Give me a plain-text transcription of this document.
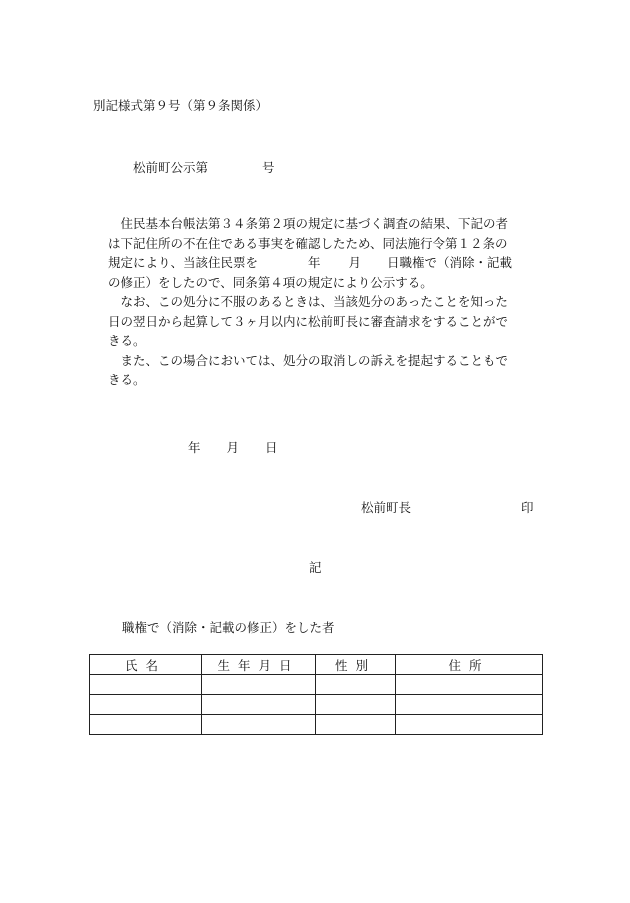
別記様式第９号（第９条関係）
松前町公示第	号
　住民基本台帳法第３４条第２項の規定に基づく調査の結果、下記の者
は下記住所の不在住である事実を確認したため、同法施行令第１２条の
規定により、当該住民票を	年 月 日職権で（消除・記載
の修正）をしたので、同条第４項の規定により公示する。
　なお、この処分に不服のあるときは、当該処分のあったことを知った
日の翌日から起算して３ヶ月以内に松前町長に審査請求をすることがで
きる。
　また、この場合においては、処分の取消しの訴えを提起することもで
きる。
年 月 日
松前町長	印
記
職権で（消除・記載の修正）をした者
氏名	生年月日	性別	住所
